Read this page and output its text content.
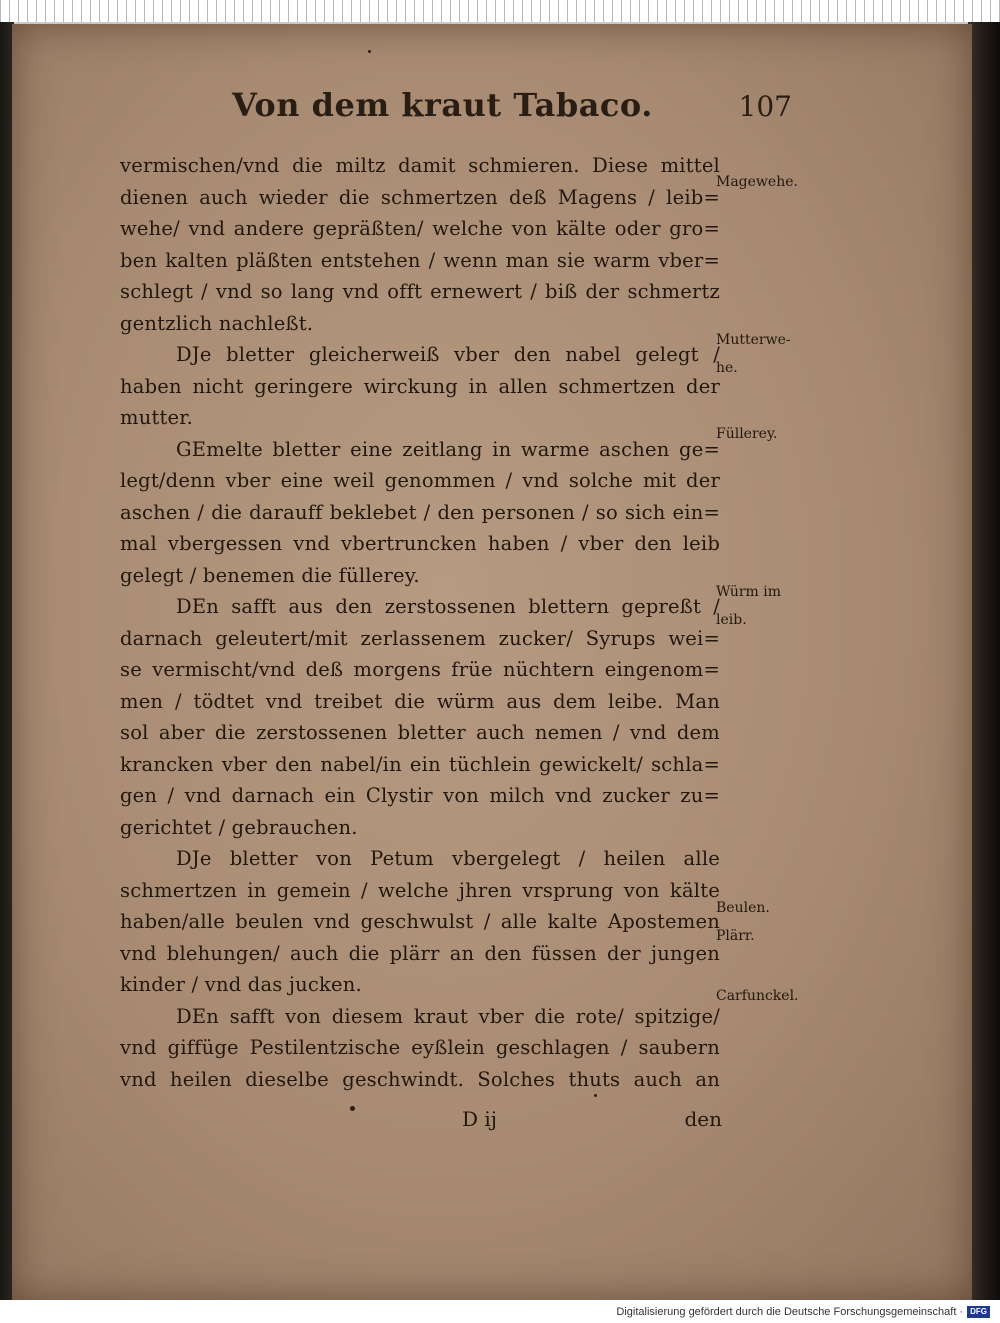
Von dem kraut Tabaco.	107
vermischen/vnd die miltz damit schmieren. Diese mittel
dienen auch wieder die schmertzen deß Magens / leib=
wehe/ vnd andere gepräßten/ welche von kälte oder gro=
ben kalten pläßten entstehen / wenn man sie warm vber=
schlegt / vnd so lang vnd offt ernewert / biß der schmertz
gentzlich nachleßt.
DJe bletter gleicherweiß vber den nabel gelegt /
haben nicht geringere wirckung in allen schmertzen der
mutter.
GEmelte bletter eine zeitlang in warme aschen ge=
legt/denn vber eine weil genommen / vnd solche mit der
aschen / die darauff beklebet / den personen / so sich ein=
mal vbergessen vnd vbertruncken haben / vber den leib
gelegt / benemen die füllerey.
DEn safft aus den zerstossenen blettern gepreßt /
darnach geleutert/mit zerlassenem zucker/ Syrups wei=
se vermischt/vnd deß morgens früe nüchtern eingenom=
men / tödtet vnd treibet die würm aus dem leibe. Man
sol aber die zerstossenen bletter auch nemen / vnd dem
krancken vber den nabel/in ein tüchlein gewickelt/ schla=
gen / vnd darnach ein Clystir von milch vnd zucker zu=
gerichtet / gebrauchen.
DJe bletter von Petum vbergelegt / heilen alle
schmertzen in gemein / welche jhren vrsprung von kälte
haben/alle beulen vnd geschwulst / alle kalte Apostemen
vnd blehungen/ auch die plärr an den füssen der jungen
kinder / vnd das jucken.
DEn safft von diesem kraut vber die rote/ spitzige/
vnd giffüge Pestilentzische eyßlein geschlagen / saubern
vnd heilen dieselbe geschwindt. Solches thuts auch an
Magewehe.
Mutterwe-
he.
Füllerey.
Würm im
leib.
Beulen.
Plärr.
Carfunckel.
D ij	den
Digitalisierung gefördert durch die Deutsche Forschungsgemeinschaft · DFG
